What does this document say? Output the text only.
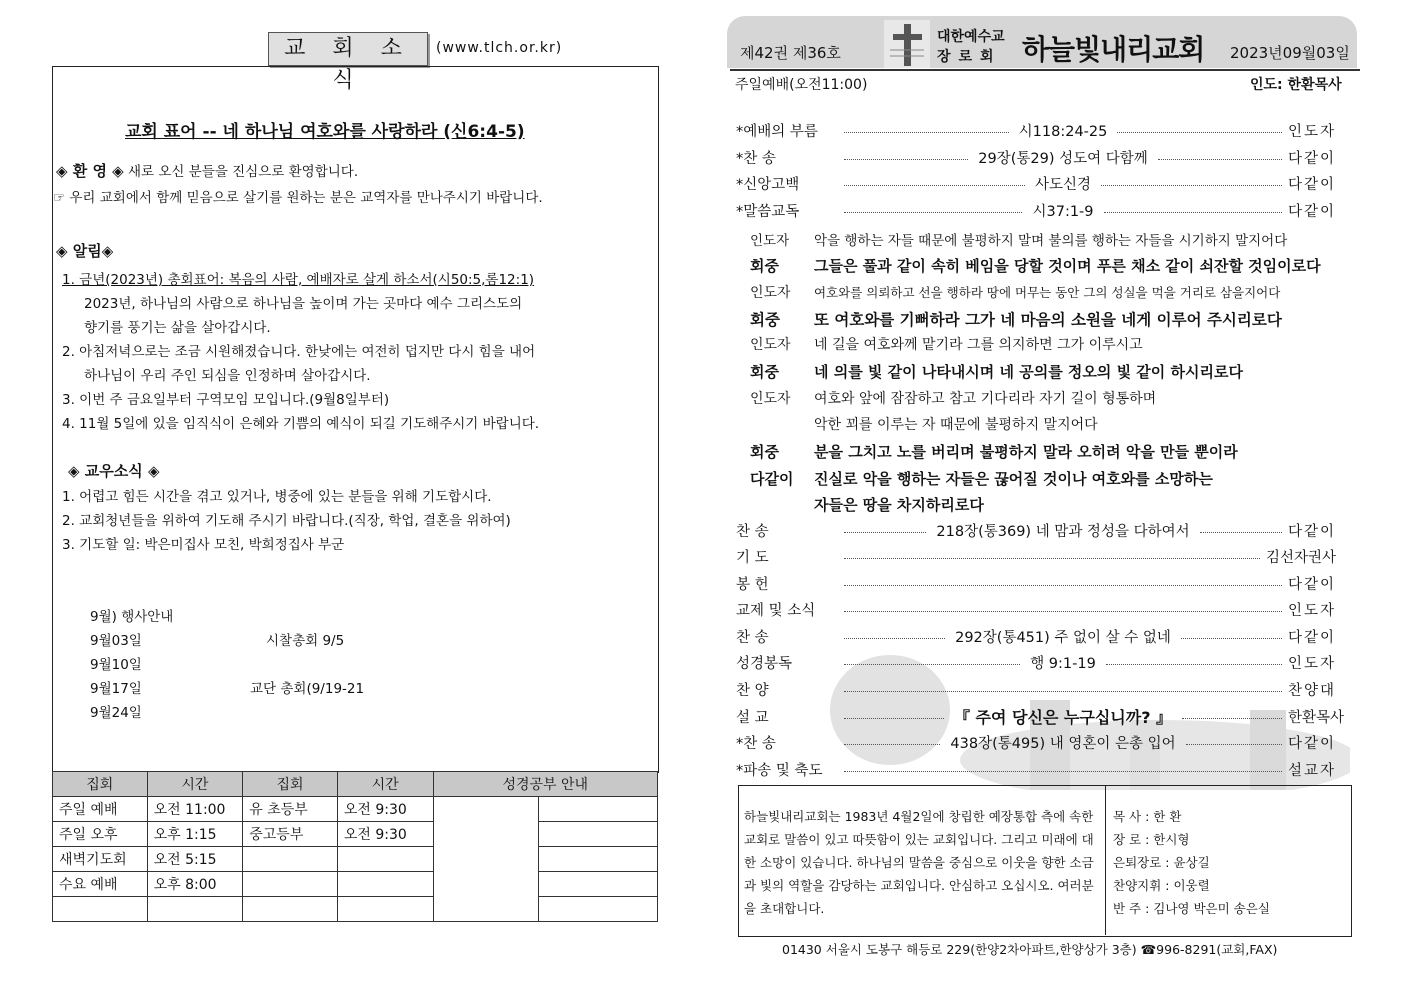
교 회 소 식
(www.tlch.or.kr)
교회 표어 -- 네 하나님 여호와를 사랑하라 (신6:4-5)
◈ 환 영 ◈ 새로 오신 분들을 진심으로 환영합니다.
☞ 우리 교회에서 함께 믿음으로 살기를 원하는 분은 교역자를 만나주시기 바랍니다.
◈ 알림◈
1. 금년(2023년) 총회표어: 복음의 사람, 예배자로 살게 하소서(시50:5,롬12:1)
2023년, 하나님의 사람으로 하나님을 높이며 가는 곳마다 예수 그리스도의
향기를 풍기는 삶을 살아갑시다.
2. 아침저녁으로는 조금 시원해졌습니다. 한낮에는 여전히 덥지만 다시 힘을 내어
하나님이 우리 주인 되심을 인정하며 살아갑시다.
3. 이번 주 금요일부터 구역모임 모입니다.(9월8일부터)
4. 11월 5일에 있을 임직식이 은혜와 기쁨의 예식이 되길 기도해주시기 바랍니다.
◈ 교우소식 ◈
1. 어렵고 힘든 시간을 겪고 있거나, 병중에 있는 분들을 위해 기도합시다.
2. 교회청년들을 위하여 기도해 주시기 바랍니다.(직장, 학업, 결혼을 위하여)
3. 기도할 일: 박은미집사 모친, 박희정집사 부군
9월) 행사안내
9월03일	시찰총회 9/5
9월10일
9월17일	교단 총회(9/19-21
9월24일
집회	시간	집회	시간	성경공부 안내	
주일 예배	오전 11:00	유 초등부	오전 9:30		
주일 오후	오후 1:15	중고등부	오전 9:30		
새벽기도회	오전 5:15				
수요 예배	오후 8:00				

제42권 제36호
대한예수교
장로회 하늘빛내리교회 2023년09월03일
주일예배(오전11:00)	인도: 한환목사
*예배의 부름	시118:24-25	인도자
*찬 송	29장(통29) 성도여 다함께	다같이
*신앙고백	사도신경	다같이
*말씀교독	시37:1-9	다같이
인도자 악을 행하는 자들 때문에 불평하지 말며 불의를 행하는 자들을 시기하지 말지어다
회중 그들은 풀과 같이 속히 베임을 당할 것이며 푸른 채소 같이 쇠잔할 것임이로다
인도자 여호와를 의뢰하고 선을 행하라 땅에 머무는 동안 그의 성실을 먹을 거리로 삼을지어다
회중 또 여호와를 기뻐하라 그가 네 마음의 소원을 네게 이루어 주시리로다
인도자 네 길을 여호와께 맡기라 그를 의지하면 그가 이루시고
회중 네 의를 빛 같이 나타내시며 네 공의를 정오의 빛 같이 하시리로다
인도자 여호와 앞에 잠잠하고 참고 기다리라 자기 길이 형통하며
악한 꾀를 이루는 자 때문에 불평하지 말지어다
회중 분을 그치고 노를 버리며 불평하지 말라 오히려 악을 만들 뿐이라
다같이 진실로 악을 행하는 자들은 끊어질 것이나 여호와를 소망하는
자들은 땅을 차지하리로다
찬 송	218장(통369) 네 맘과 정성을 다하여서	다같이
기 도	김선자권사
봉 헌	다같이
교제 및 소식	인도자
찬 송	292장(통451) 주 없이 살 수 없네	다같이
성경봉독	행 9:1-19	인도자
찬 양	찬양대
설 교	『 주여 당신은 누구십니까? 』	한환목사
*찬 송	438장(통495) 내 영혼이 은총 입어	다같이
*파송 및 축도	설교자
하늘빛내리교회는 1983년 4월2일에 창립한 예장통합 측에 속한 교회로 말씀이 있고 따뜻함이 있는 교회입니다. 그리고 미래에 대한 소망이 있습니다. 하나님의 말씀을 중심으로 이웃을 향한 소금과 빛의 역할을 감당하는 교회입니다. 안심하고 오십시오. 여러분을 초대합니다.
목 사 : 한 환
장 로 : 한시형
은퇴장로 : 윤상길
찬양지휘 : 이웅렬
반 주 : 김나영 박은미 송은실
01430 서울시 도봉구 해등로 229(한양2차아파트,한양상가 3층) ☎996-8291(교회,FAX)
